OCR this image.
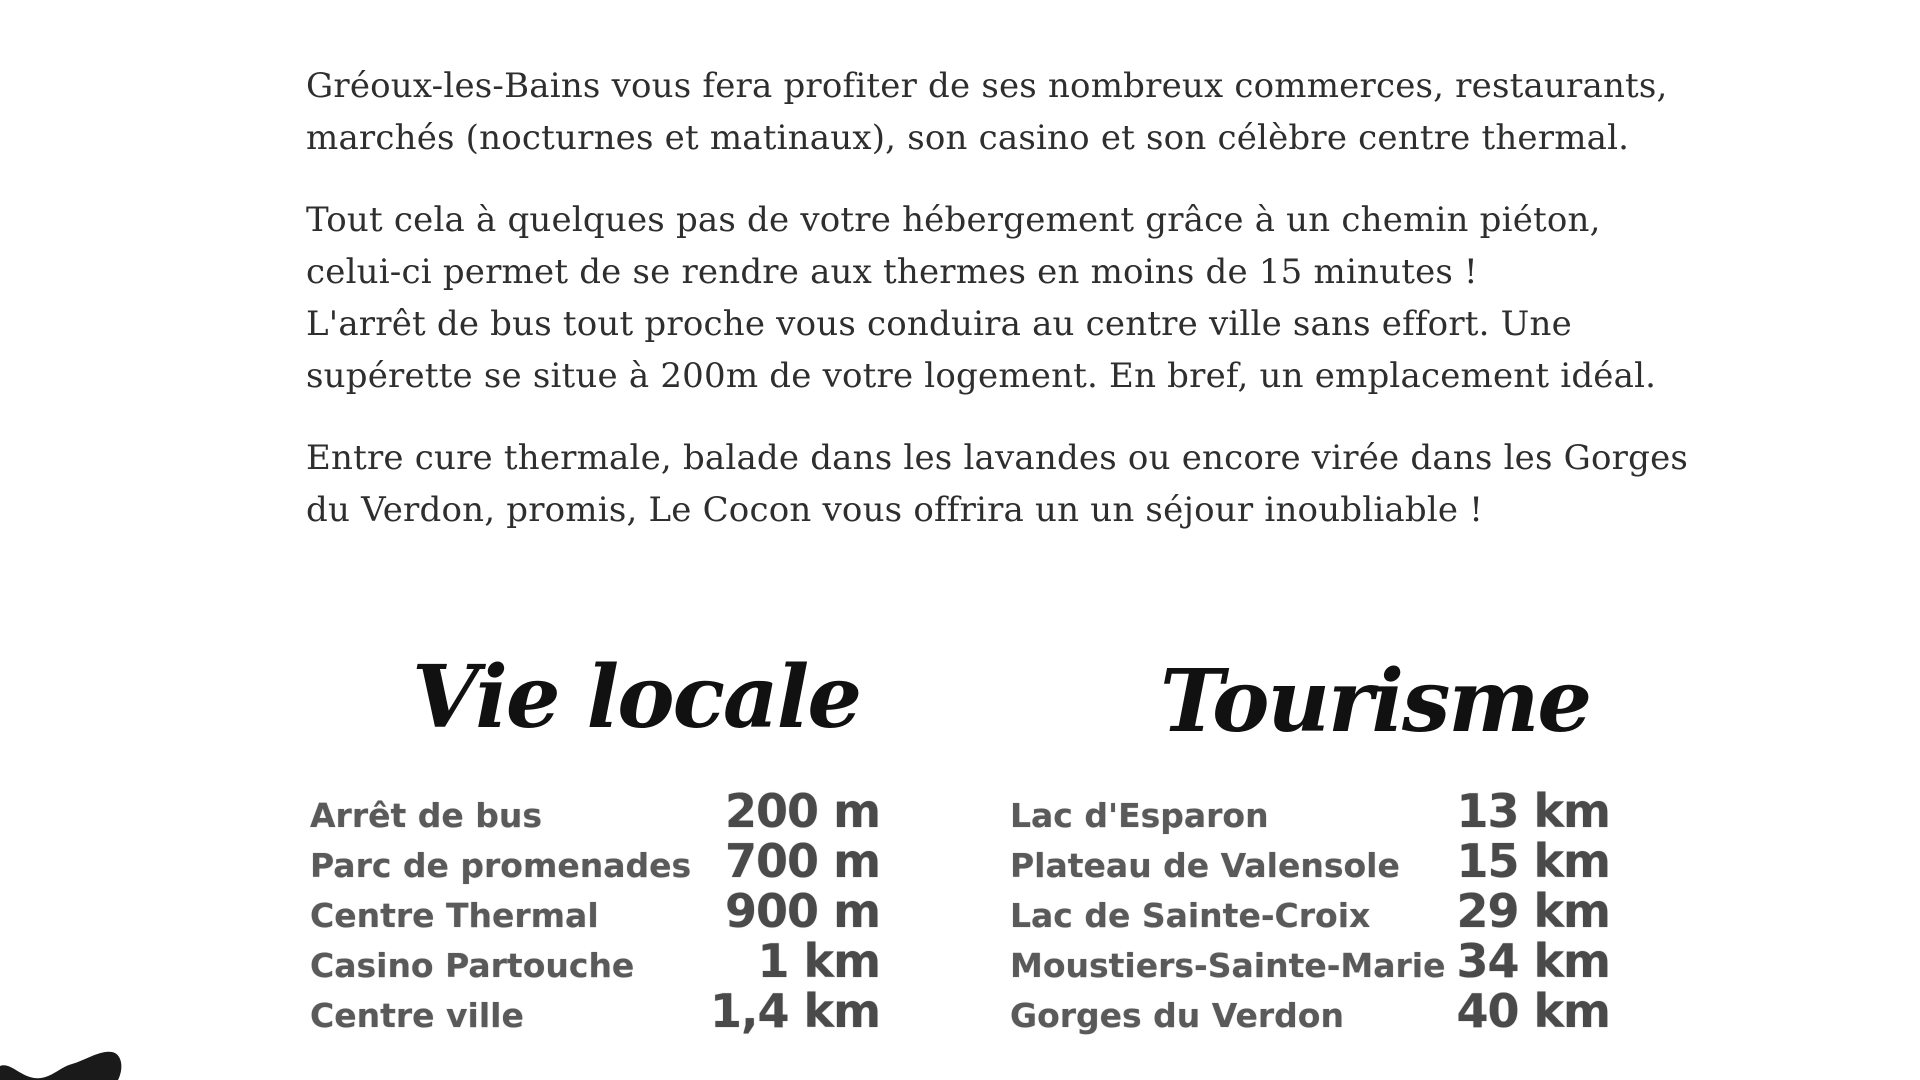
Gréoux-les-Bains vous fera profiter de ses nombreux commerces, restaurants,
marchés (nocturnes et matinaux), son casino et son célèbre centre thermal.

Tout cela à quelques pas de votre hébergement grâce à un chemin piéton,
celui-ci permet de se rendre aux thermes en moins de 15 minutes !
L'arrêt de bus tout proche vous conduira au centre ville sans effort. Une
supérette se situe à 200m de votre logement. En bref, un emplacement idéal.

Entre cure thermale, balade dans les lavandes ou encore virée dans les Gorges
du Verdon, promis, Le Cocon vous offrira un un séjour inoubliable !

Vie locale	Tourisme
Arrêt de bus	200 m
Parc de promenades 700 m
Centre Thermal	900 m
Casino Partouche	1 km
Centre ville	1,4 km
Lac d'Esparon	13 km
Plateau de Valensole 15 km
Lac de Sainte-Croix 29 km
Moustiers-Sainte-Marie 34 km
Gorges du Verdon 40 km
